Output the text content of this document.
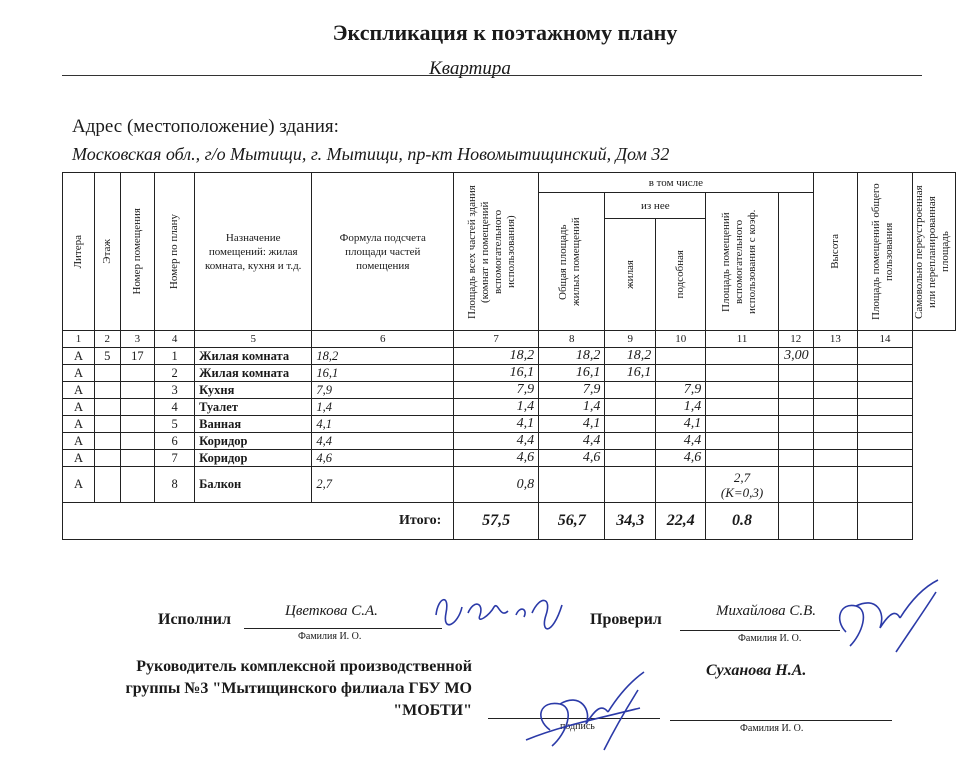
Экспликация к поэтажному плану
Квартира
Адрес (местоположение) здания:
Московская обл., г/о Мытищи, г. Мытищи, пр-кт Новомытищинский, Дом 32
Литера	Этаж	Номер помещения	Номер по плану	Назначение помещений: жилая комната, кухня и т.д.	Формула подсчета площади частей помещения	Площадь всех частей здания (комнат и помещений вспомогательного использования)	в том числе					Высота	Площадь помещений общего пользования	Самовольно переустроенная или перепланированная площадь

							Общая площадь жилых помещений	из нее		Площадь помещений вспомогательного использования с коэф.				

								жилая	подсобная					

1	2	3	4	5	6	7	8	9	10	11	12	13	14	
А	5	17	1	Жилая комната	18,2	18,2	18,2	18,2			3,00			
А			2	Жилая комната	16,1	16,1	16,1	16,1						
А			3	Кухня	7,9	7,9	7,9		7,9					
А			4	Туалет	1,4	1,4	1,4		1,4					
А			5	Ванная	4,1	4,1	4,1		4,1					
А			6	Коридор	4,4	4,4	4,4		4,4					
А			7	Коридор	4,6	4,6	4,6		4,6					
А			8	Балкон	2,7	0,8				2,7
(К=0,3)				

Итого:						57,5	56,7	34,3	22,4	0.8				
Исполнил	Цветкова С.А.
Фамилия И. О.
Проверил	Михайлова С.В.
Фамилия И. О.
Руководитель комплексной производственной
группы №3 "Мытищинского филиала ГБУ МО
"МОБТИ"
Суханова Н.А.
подпись	Фамилия И. О.
